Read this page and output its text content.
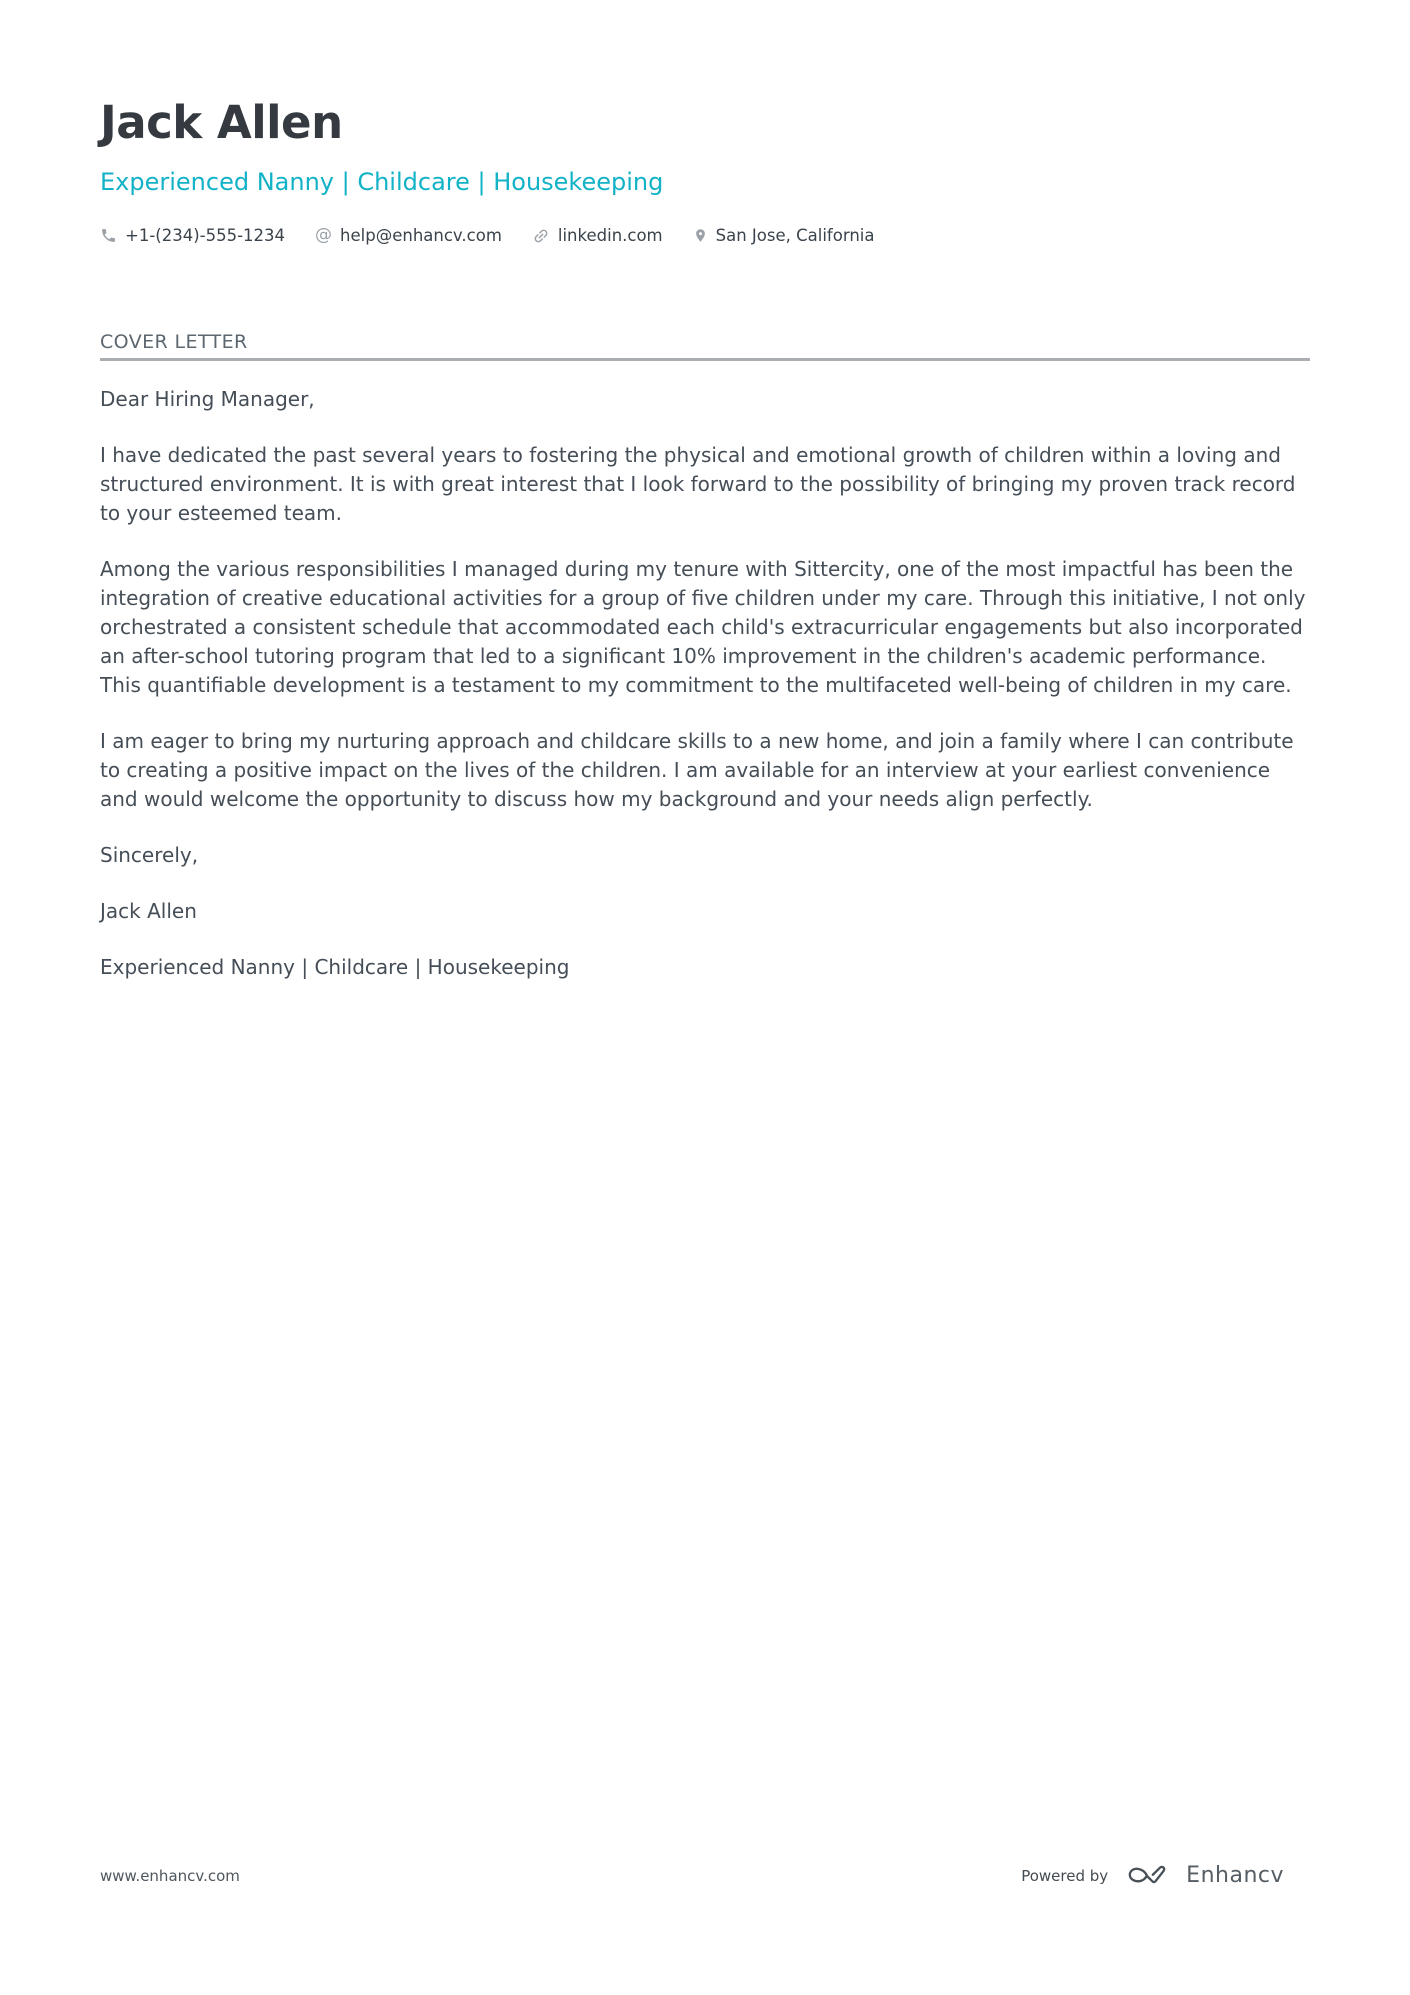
Jack Allen
Experienced Nanny | Childcare | Housekeeping
+1-(234)-555-1234 @ help@enhancv.com	linkedin.com	San Jose, California
COVER LETTER

Dear Hiring Manager,

I have dedicated the past several years to fostering the physical and emotional growth of children within a loving and structured environment. It is with great interest that I look forward to the possibility of bringing my proven track record to your esteemed team.

Among the various responsibilities I managed during my tenure with Sittercity, one of the most impactful has been the integration of creative educational activities for a group of five children under my care. Through this initiative, I not only orchestrated a consistent schedule that accommodated each child's extracurricular engagements but also incorporated an after-school tutoring program that led to a significant 10% improvement in the children's academic performance. This quantifiable development is a testament to my commitment to the multifaceted well-being of children in my care.

I am eager to bring my nurturing approach and childcare skills to a new home, and join a family where I can contribute to creating a positive impact on the lives of the children. I am available for an interview at your earliest convenience and would welcome the opportunity to discuss how my background and your needs align perfectly.

Sincerely,

Jack Allen

Experienced Nanny | Childcare | Housekeeping

www.enhancv.com	Powered by	Enhancv
